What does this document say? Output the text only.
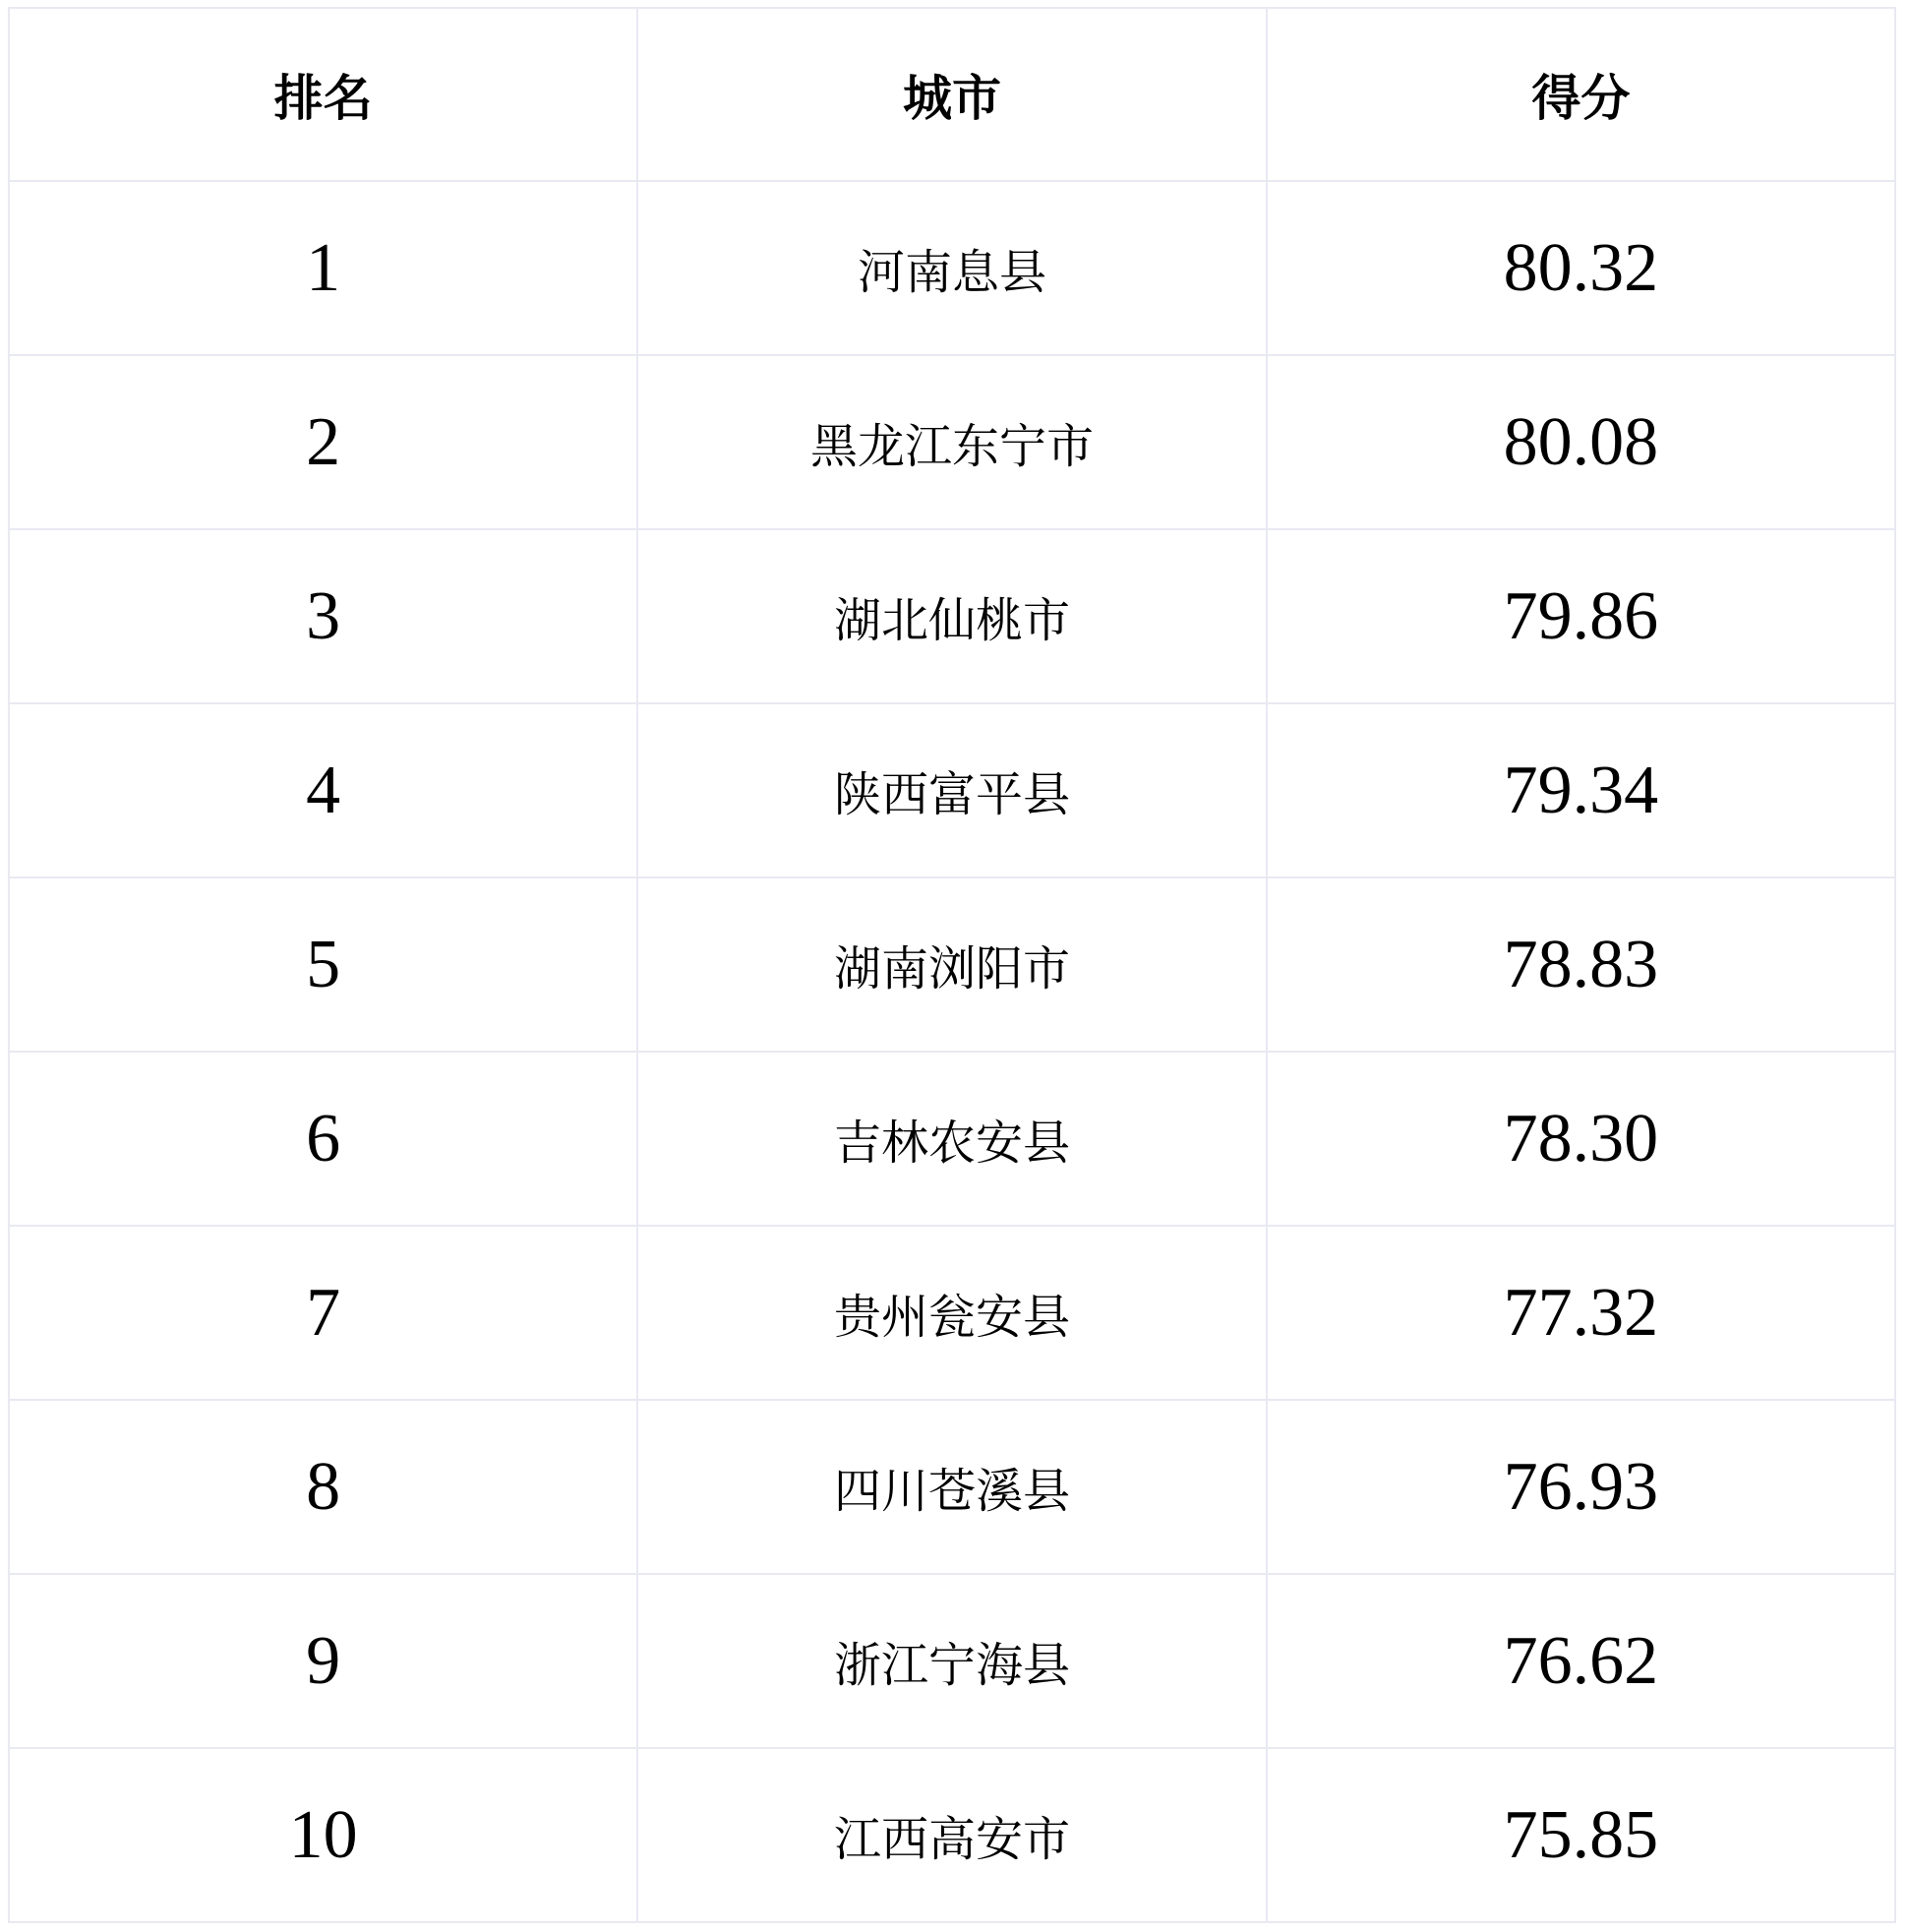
排名	城市	得分
1	河南息县	80.32
2	黑龙江东宁市	80.08
3	湖北仙桃市	79.86
4	陕西富平县	79.34
5	湖南浏阳市	78.83
6	吉林农安县	78.30
7	贵州瓮安县	77.32
8	四川苍溪县	76.93
9	浙江宁海县	76.62
10	江西高安市	75.85
